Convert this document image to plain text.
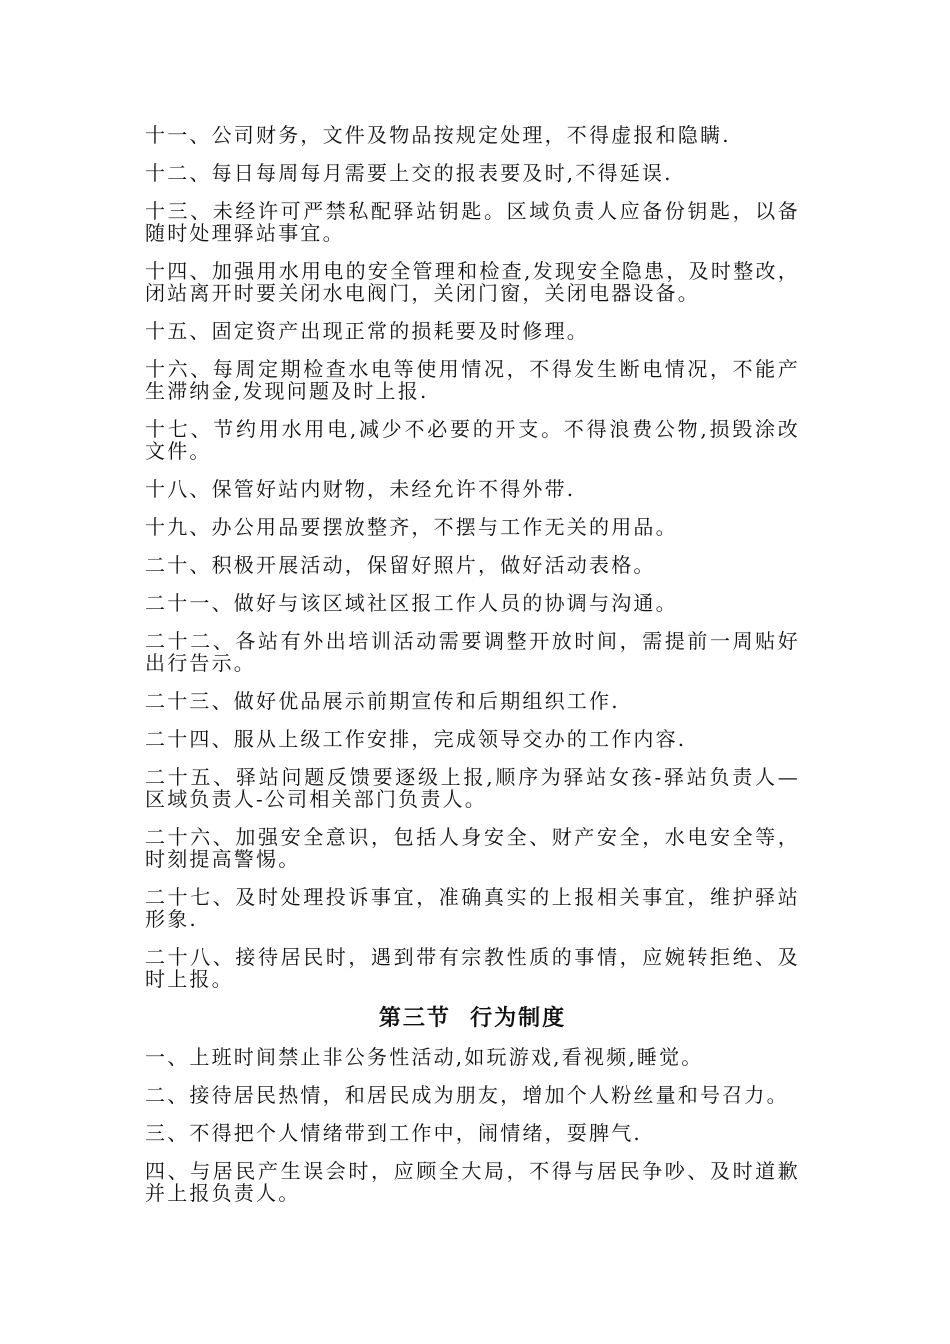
十一、公司财务，文件及物品按规定处理，不得虚报和隐瞒.

十二、每日每周每月需要上交的报表要及时,不得延误.

十三、未经许可严禁私配驿站钥匙。区域负责人应备份钥匙，以备随时处理驿站事宜。

十四、加强用水用电的安全管理和检查,发现安全隐患，及时整改，闭站离开时要关闭水电阀门，关闭门窗，关闭电器设备。

十五、固定资产出现正常的损耗要及时修理。

十六、每周定期检查水电等使用情况，不得发生断电情况，不能产生滞纳金,发现问题及时上报.

十七、节约用水用电,减少不必要的开支。不得浪费公物,损毁涂改文件。

十八、保管好站内财物，未经允许不得外带.

十九、办公用品要摆放整齐，不摆与工作无关的用品。

二十、积极开展活动，保留好照片，做好活动表格。

二十一、做好与该区域社区报工作人员的协调与沟通。

二十二、各站有外出培训活动需要调整开放时间，需提前一周贴好出行告示。

二十三、做好优品展示前期宣传和后期组织工作.

二十四、服从上级工作安排，完成领导交办的工作内容.

二十五、驿站问题反馈要逐级上报,顺序为驿站女孩-驿站负责人—区域负责人-公司相关部门负责人。

二十六、加强安全意识，包括人身安全、财产安全，水电安全等，时刻提高警惕。

二十七、及时处理投诉事宜，准确真实的上报相关事宜，维护驿站形象.

二十八、接待居民时，遇到带有宗教性质的事情，应婉转拒绝、及时上报。

第三节  行为制度

一、上班时间禁止非公务性活动,如玩游戏,看视频,睡觉。

二、接待居民热情，和居民成为朋友，增加个人粉丝量和号召力。

三、不得把个人情绪带到工作中，闹情绪，耍脾气.

四、与居民产生误会时，应顾全大局，不得与居民争吵、及时道歉并上报负责人。
